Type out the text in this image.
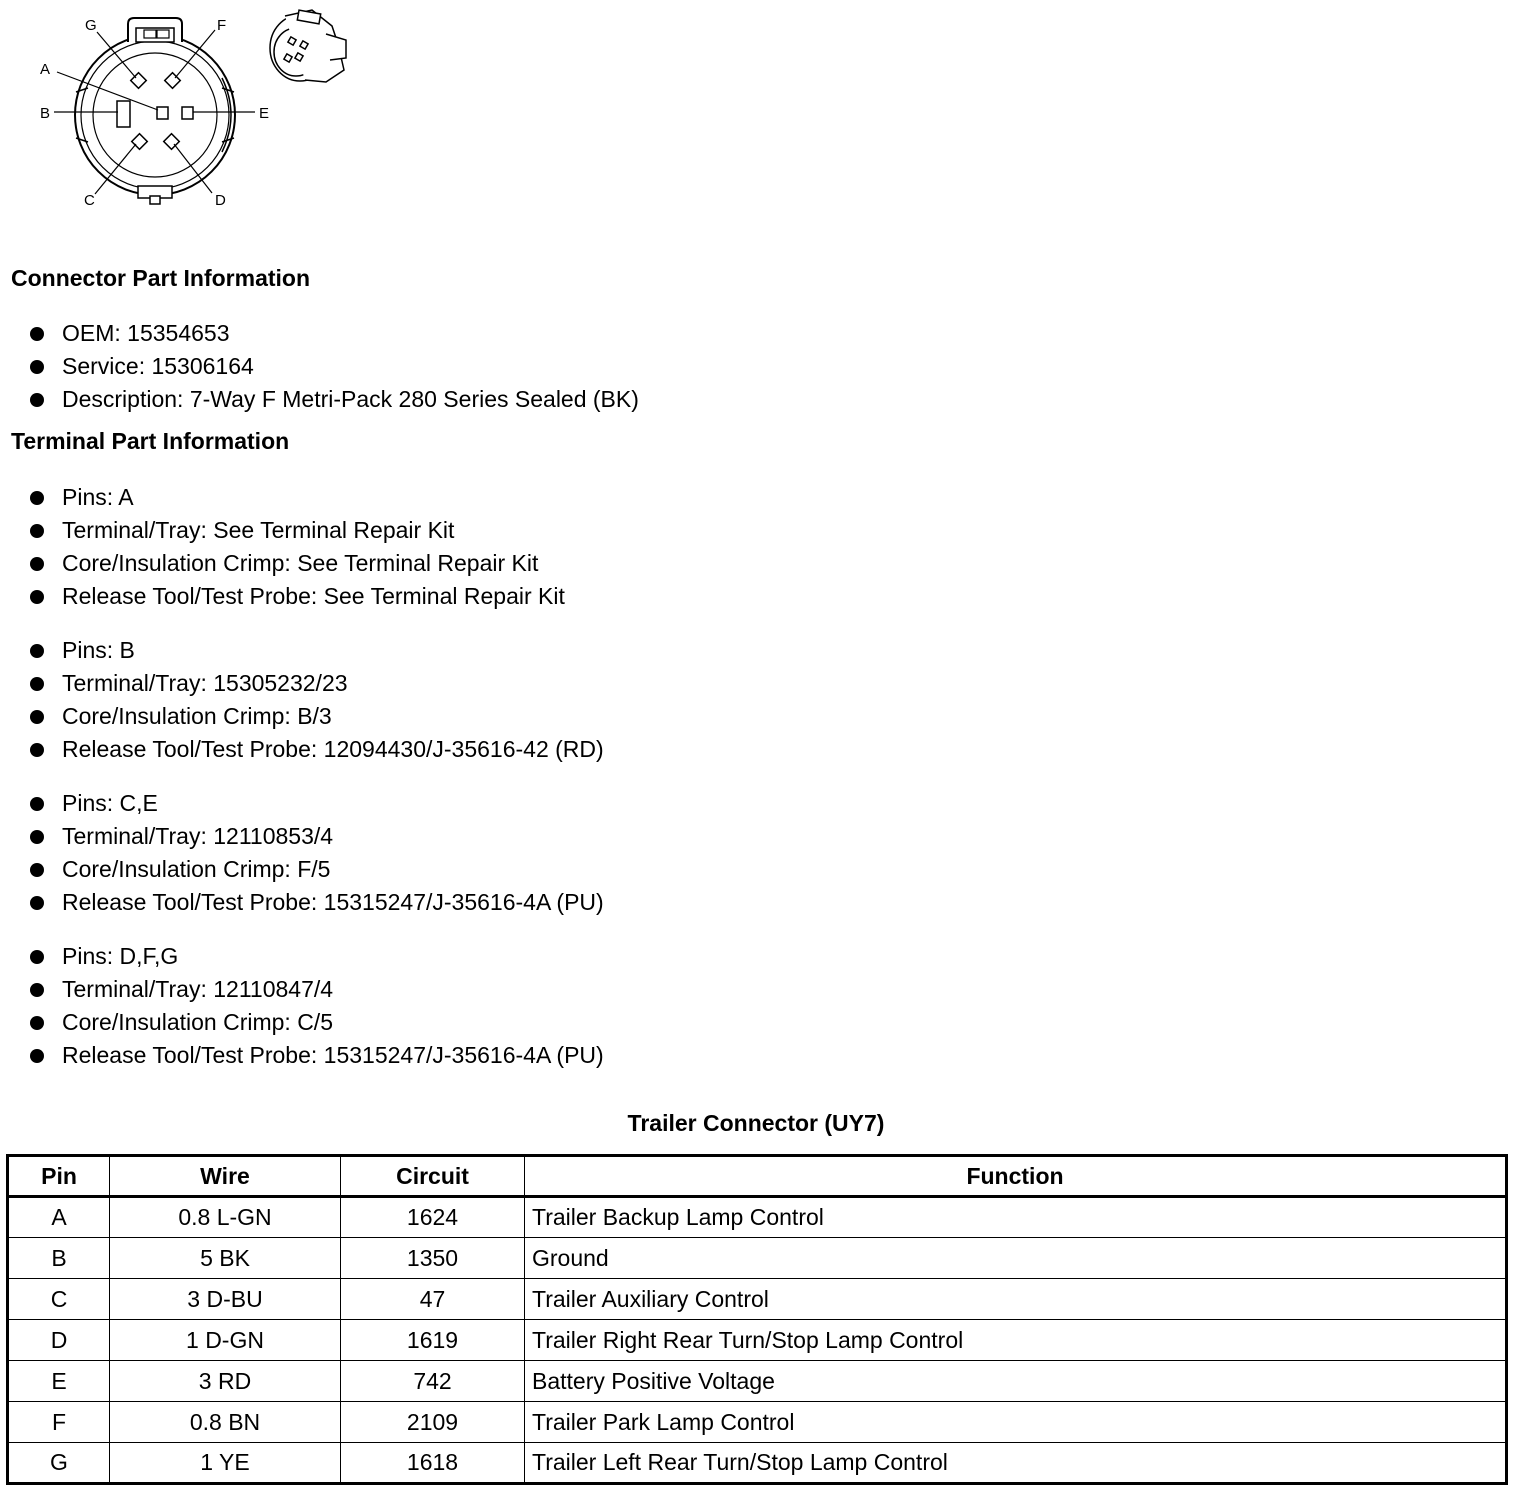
A
B
C	D
E
F
G
Connector Part Information
OEM: 15354653
Service: 15306164
Description: 7-Way F Metri-Pack 280 Series Sealed (BK)
Terminal Part Information
Pins: A
Terminal/Tray: See Terminal Repair Kit
Core/Insulation Crimp: See Terminal Repair Kit
Release Tool/Test Probe: See Terminal Repair Kit
Pins: B
Terminal/Tray: 15305232/23
Core/Insulation Crimp: B/3
Release Tool/Test Probe: 12094430/J-35616-42 (RD)
Pins: C,E
Terminal/Tray: 12110853/4
Core/Insulation Crimp: F/5
Release Tool/Test Probe: 15315247/J-35616-4A (PU)
Pins: D,F,G
Terminal/Tray: 12110847/4
Core/Insulation Crimp: C/5
Release Tool/Test Probe: 15315247/J-35616-4A (PU)
Trailer Connector (UY7)
Pin	Wire	Circuit	Function
A	0.8 L-GN	1624	Trailer Backup Lamp Control
B	5 BK	1350	Ground
C	3 D-BU	47	Trailer Auxiliary Control
D	1 D-GN	1619	Trailer Right Rear Turn/Stop Lamp Control
E	3 RD	742	Battery Positive Voltage
F	0.8 BN	2109	Trailer Park Lamp Control
G	1 YE	1618	Trailer Left Rear Turn/Stop Lamp Control
